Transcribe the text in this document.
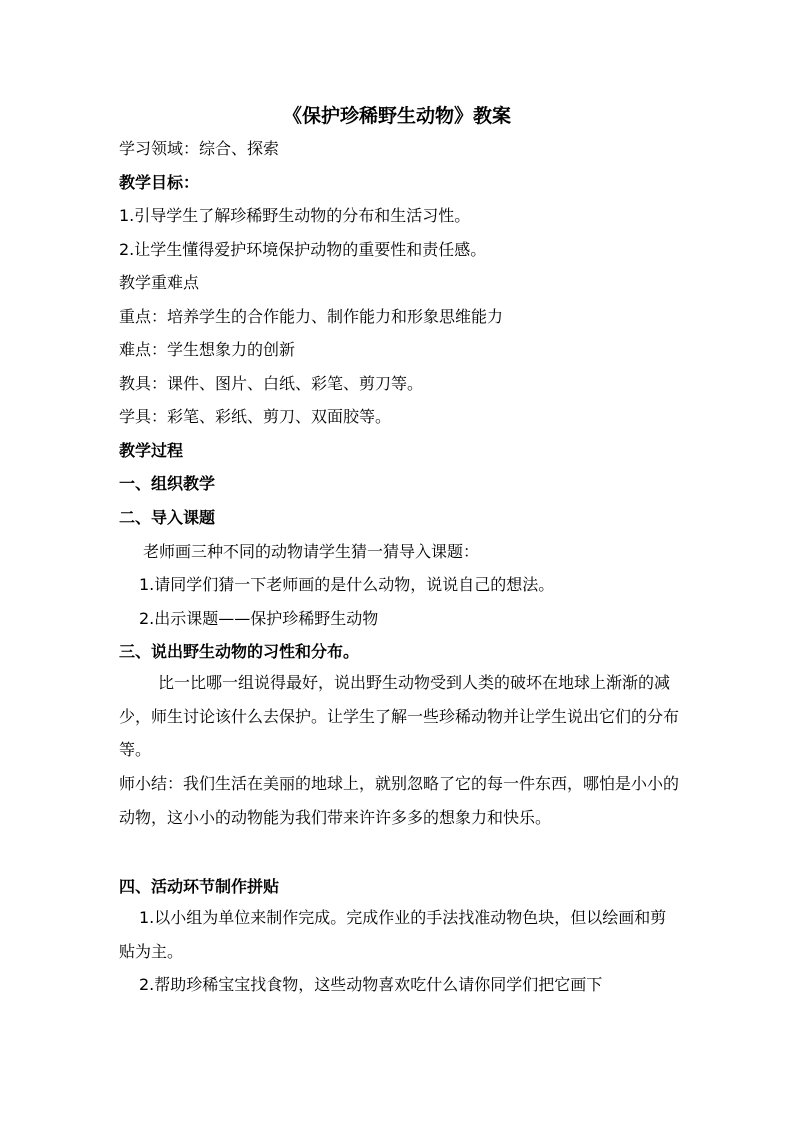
《保护珍稀野生动物》教案
学习领域：综合、探索
教学目标：
1.引导学生了解珍稀野生动物的分布和生活习性。
2.让学生懂得爱护环境保护动物的重要性和责任感。
教学重难点
重点：培养学生的合作能力、制作能力和形象思维能力
难点：学生想象力的创新
教具：课件、图片、白纸、彩笔、剪刀等。
学具：彩笔、彩纸、剪刀、双面胶等。
教学过程
一、组织教学
二、导入课题
老师画三种不同的动物请学生猜一猜导入课题：
1.请同学们猜一下老师画的是什么动物，说说自己的想法。
2.出示课题——保护珍稀野生动物
三、说出野生动物的习性和分布。
比一比哪一组说得最好，说出野生动物受到人类的破坏在地球上渐渐的减少，师生讨论该什么去保护。让学生了解一些珍稀动物并让学生说出它们的分布等。
师小结：我们生活在美丽的地球上，就别忽略了它的每一件东西，哪怕是小小的动物，这小小的动物能为我们带来许许多多的想象力和快乐。
四、活动环节制作拼贴
1.以小组为单位来制作完成。完成作业的手法找准动物色块，但以绘画和剪贴为主。
2.帮助珍稀宝宝找食物，这些动物喜欢吃什么请你同学们把它画下
